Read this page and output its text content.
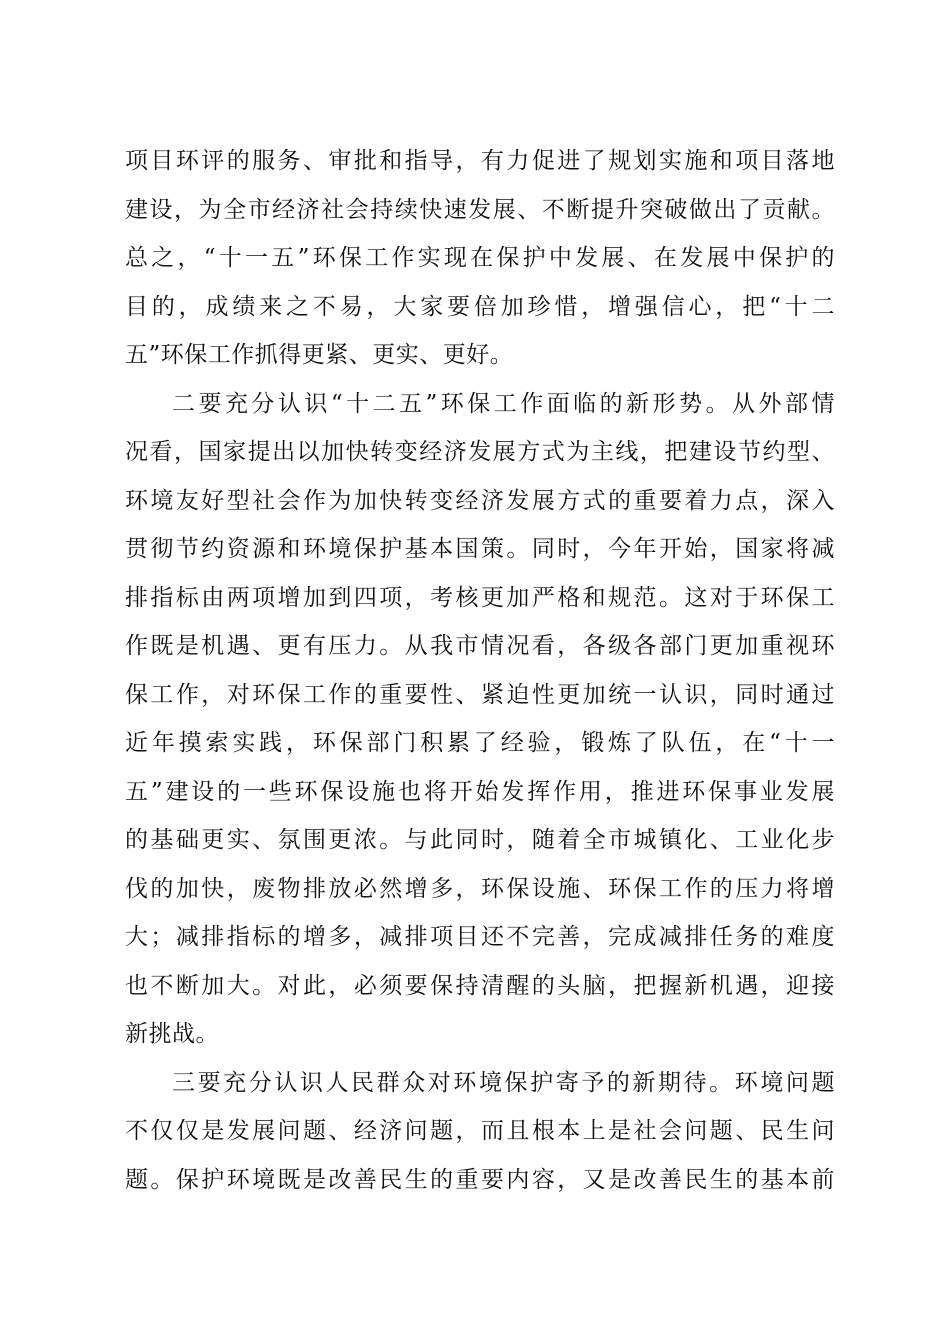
项目环评的服务、审批和指导，有力促进了规划实施和项目落地
建设，为全市经济社会持续快速发展、不断提升突破做出了贡献。
总之，“十一五”环保工作实现在保护中发展、在发展中保护的
目的，成绩来之不易，大家要倍加珍惜，增强信心，把“十二
五”环保工作抓得更紧、更实、更好。
二要充分认识“十二五”环保工作面临的新形势。从外部情
况看，国家提出以加快转变经济发展方式为主线，把建设节约型、
环境友好型社会作为加快转变经济发展方式的重要着力点，深入
贯彻节约资源和环境保护基本国策。同时，今年开始，国家将减
排指标由两项增加到四项，考核更加严格和规范。这对于环保工
作既是机遇、更有压力。从我市情况看，各级各部门更加重视环
保工作，对环保工作的重要性、紧迫性更加统一认识，同时通过
近年摸索实践，环保部门积累了经验，锻炼了队伍，在“十一
五”建设的一些环保设施也将开始发挥作用，推进环保事业发展
的基础更实、氛围更浓。与此同时，随着全市城镇化、工业化步
伐的加快，废物排放必然增多，环保设施、环保工作的压力将增
大；减排指标的增多，减排项目还不完善，完成减排任务的难度
也不断加大。对此，必须要保持清醒的头脑，把握新机遇，迎接
新挑战。
三要充分认识人民群众对环境保护寄予的新期待。环境问题
不仅仅是发展问题、经济问题，而且根本上是社会问题、民生问
题。保护环境既是改善民生的重要内容，又是改善民生的基本前
